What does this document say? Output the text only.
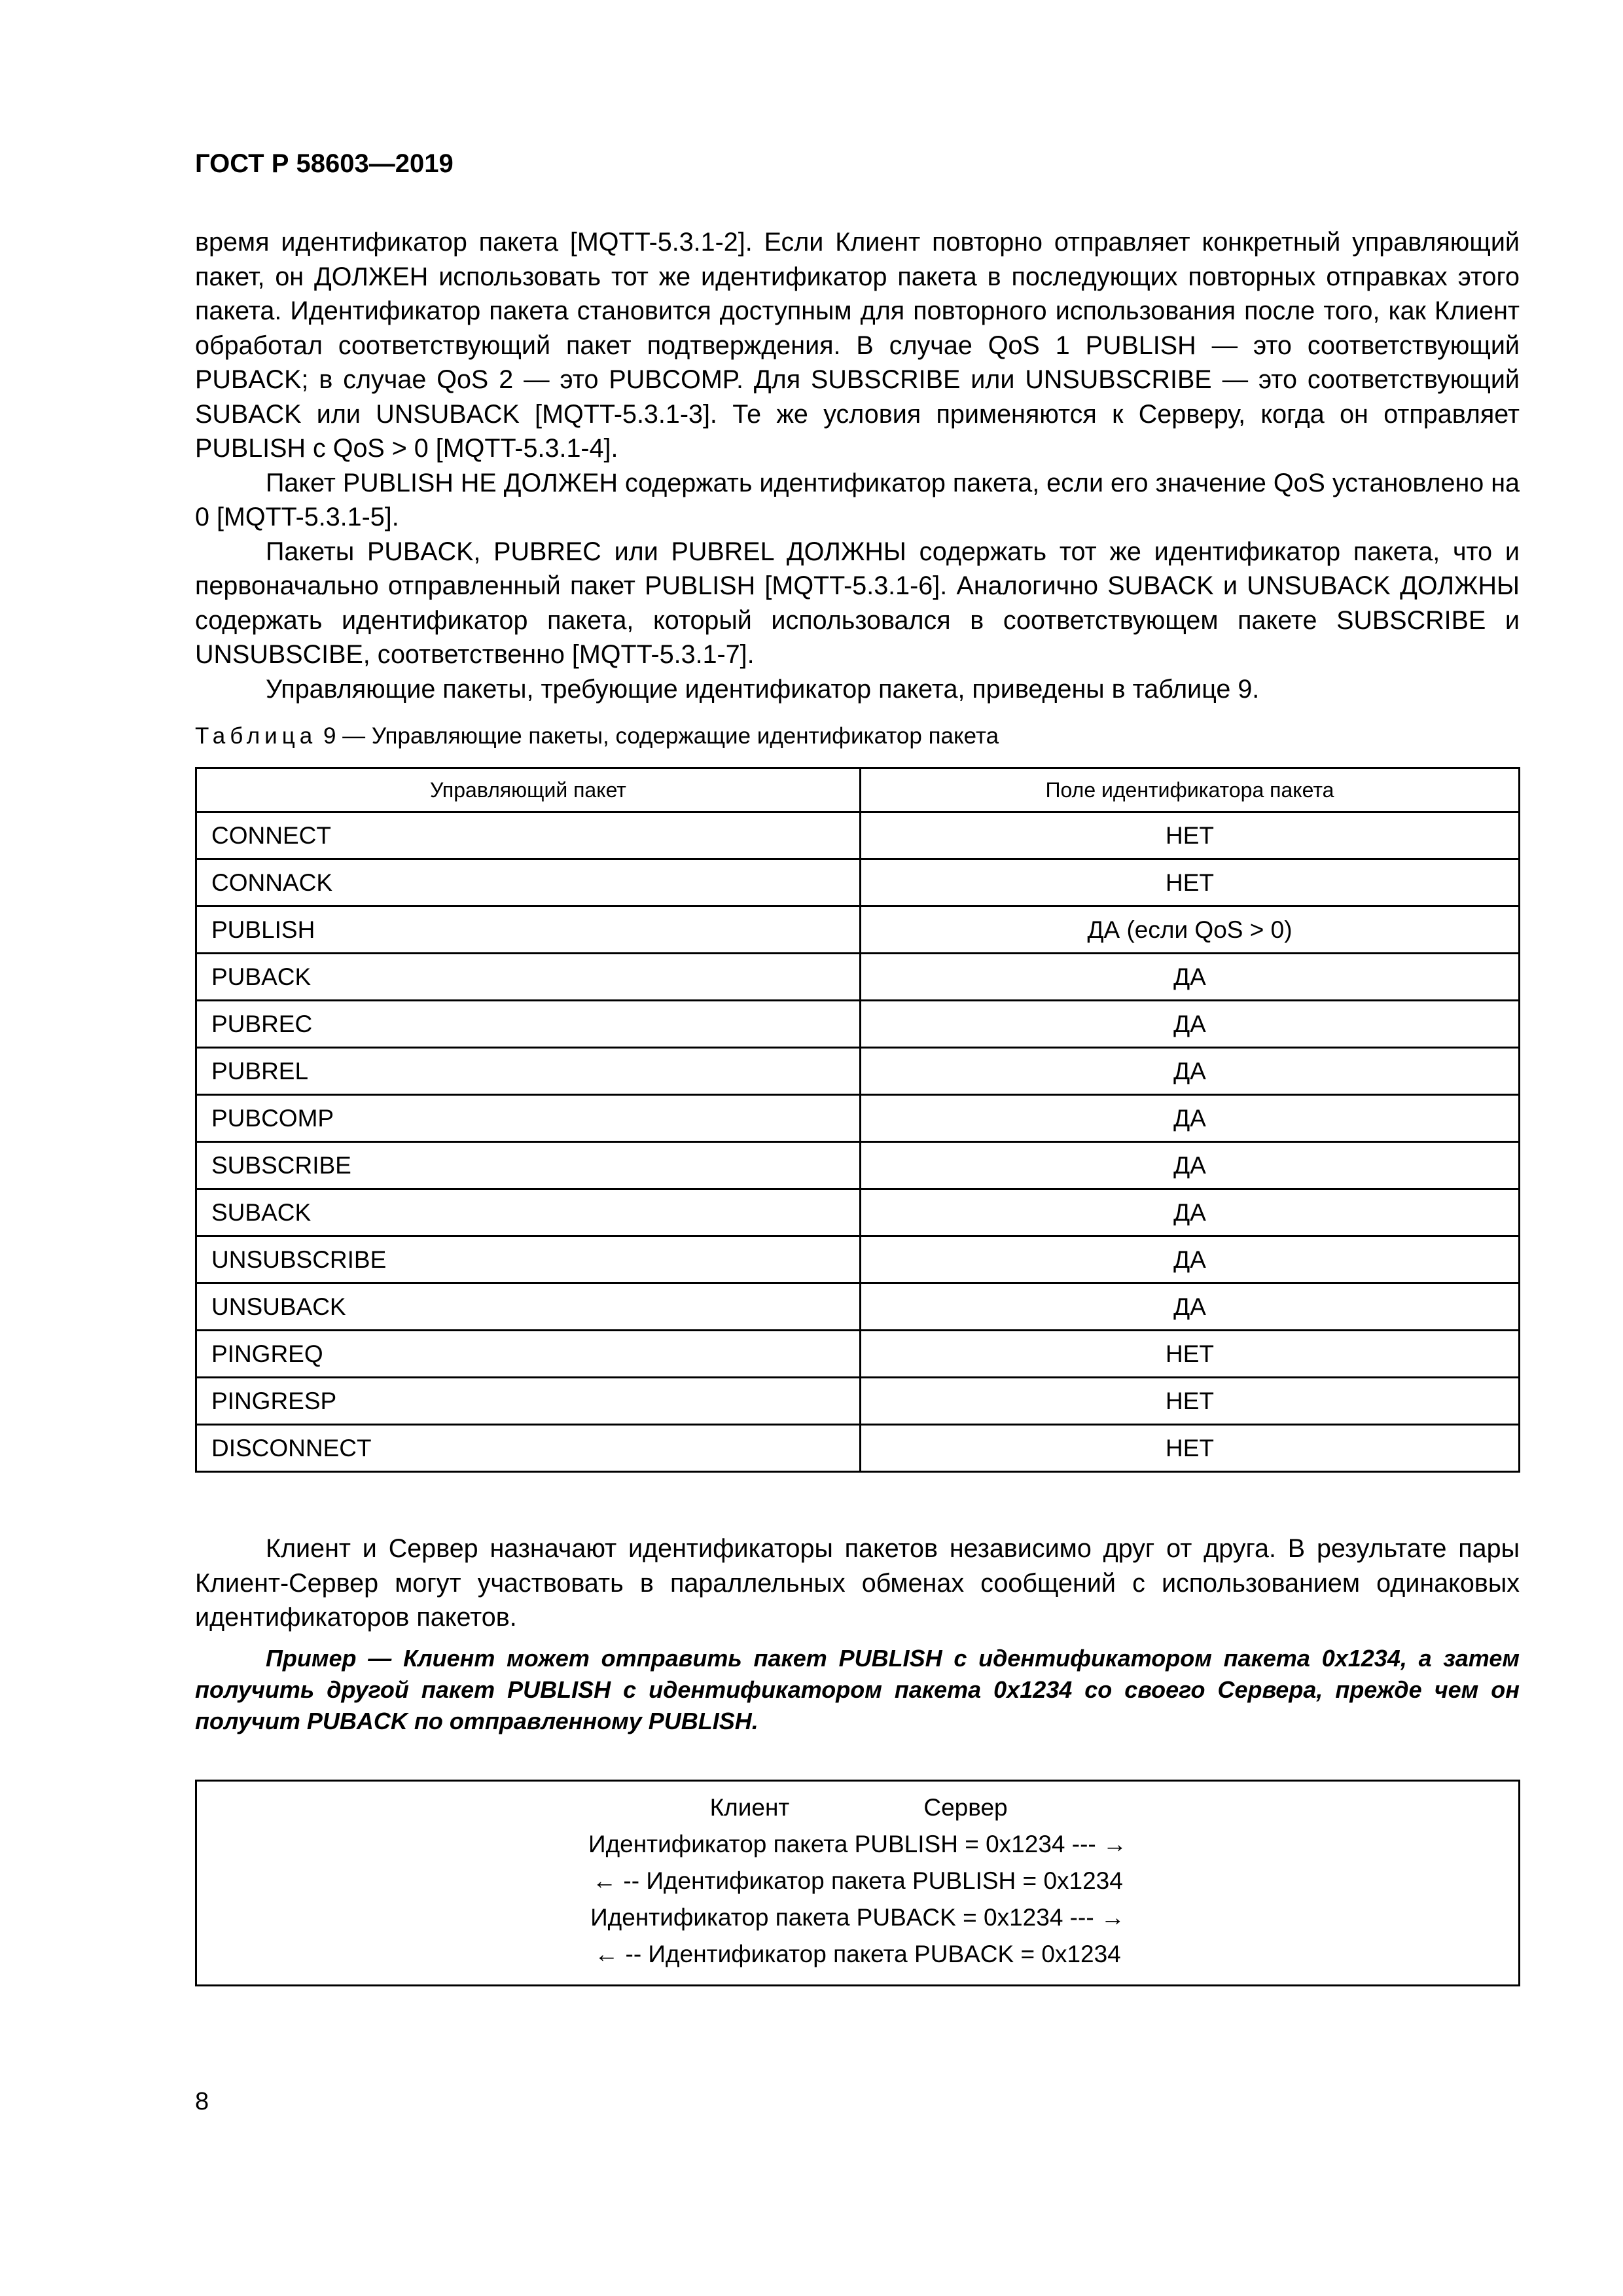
ГОСТ Р 58603—2019

время идентификатор пакета [MQTT-5.3.1-2]. Если Клиент повторно отправляет конкретный управляющий пакет, он ДОЛЖЕН использовать тот же идентификатор пакета в последующих повторных отправках этого пакета. Идентификатор пакета становится доступным для повторного использования после того, как Клиент обработал соответствующий пакет подтверждения. В случае QoS 1 PUBLISH — это соответствующий PUBACK; в случае QoS 2 — это PUBCOMP. Для SUBSCRIBE или UNSUBSCRIBE — это соответствующий SUBACK или UNSUBACK [MQTT-5.3.1-3]. Те же условия применяются к Серверу, когда он отправляет PUBLISH с QoS > 0 [MQTT-5.3.1-4].

Пакет PUBLISH НЕ ДОЛЖЕН содержать идентификатор пакета, если его значение QoS установлено на 0 [MQTT-5.3.1-5].

Пакеты PUBACK, PUBREC или PUBREL ДОЛЖНЫ содержать тот же идентификатор пакета, что и первоначально отправленный пакет PUBLISH [MQTT-5.3.1-6]. Аналогично SUBACK и UNSUBACK ДОЛЖНЫ содержать идентификатор пакета, который использовался в соответствующем пакете SUBSCRIBE и UNSUBSCIBE, соответственно [MQTT-5.3.1-7].

Управляющие пакеты, требующие идентификатор пакета, приведены в таблице 9.

Таблица 9 — Управляющие пакеты, содержащие идентификатор пакета
Управляющий пакет	Поле идентификатора пакета
CONNECT	НЕТ
CONNACK	НЕТ
PUBLISH	ДА (если QoS > 0)
PUBACK	ДА
PUBREC	ДА
PUBREL	ДА
PUBCOMP	ДА
SUBSCRIBE	ДА
SUBACK	ДА
UNSUBSCRIBE	ДА
UNSUBACK	ДА
PINGREQ	НЕТ
PINGRESP	НЕТ
DISCONNECT	НЕТ

Клиент и Сервер назначают идентификаторы пакетов независимо друг от друга. В результате пары Клиент-Сервер могут участвовать в параллельных обменах сообщений с использованием одинаковых идентификаторов пакетов.

Пример — Клиент может отправить пакет PUBLISH с идентификатором пакета 0x1234, а затем получить другой пакет PUBLISH с идентификатором пакета 0x1234 со своего Сервера, прежде чем он получит PUBACK по отправленному PUBLISH.

Клиент	Сервер
Идентификатор пакета PUBLISH = 0x1234 --- →
← -- Идентификатор пакета PUBLISH = 0x1234
Идентификатор пакета PUBACK = 0x1234 --- →
← -- Идентификатор пакета PUBACK = 0x1234
8
